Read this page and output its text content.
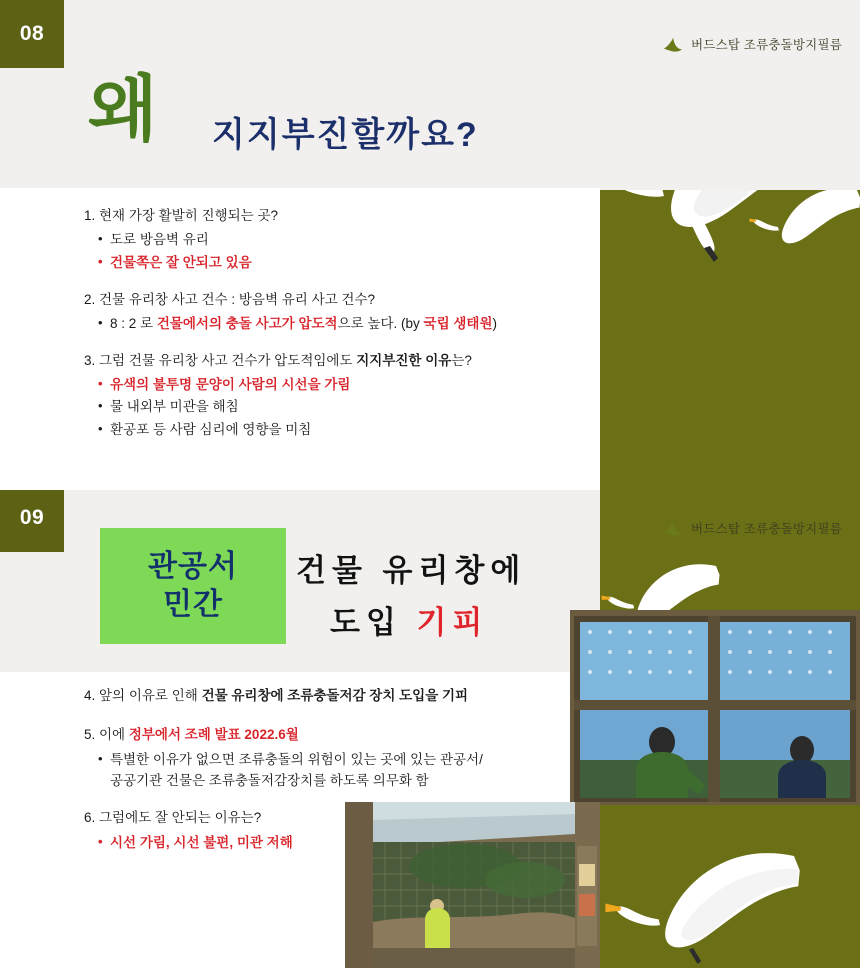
08	버드스탑 조류충돌방지필름
왜 지지부진할까요?

1. 현재 가장 활발히 진행되는 곳?

• 도로 방음벽 유리
• 건물쪽은 잘 안되고 있음

2. 건물 유리창 사고 건수 : 방음벽 유리 사고 건수?

• 8 : 2 로 건물에서의 충돌 사고가 압도적으로 높다. (by 국립 생태원)

3. 그럼 건물 유리창 사고 건수가 압도적임에도 지지부진한 이유는?

• 유색의 불투명 문양이 사람의 시선을 가림
• 물 내외부 미관을 해침
• 환공포 등 사람 심리에 영향을 미침
09	버드스탑 조류충돌방지필름
관공서
민간
건물 유리창에
도입 기피

4. 앞의 이유로 인해 건물 유리창에 조류충돌저감 장치 도입을 기피

5. 이에 정부에서 조례 발표 2022.6월

• 특별한 이유가 없으면 조류충돌의 위험이 있는 곳에 있는 관공서/
공공기관 건물은 조류충돌저감장치를 하도록 의무화 함

6. 그럼에도 잘 안되는 이유는?

• 시선 가림, 시선 불편, 미관 저해
